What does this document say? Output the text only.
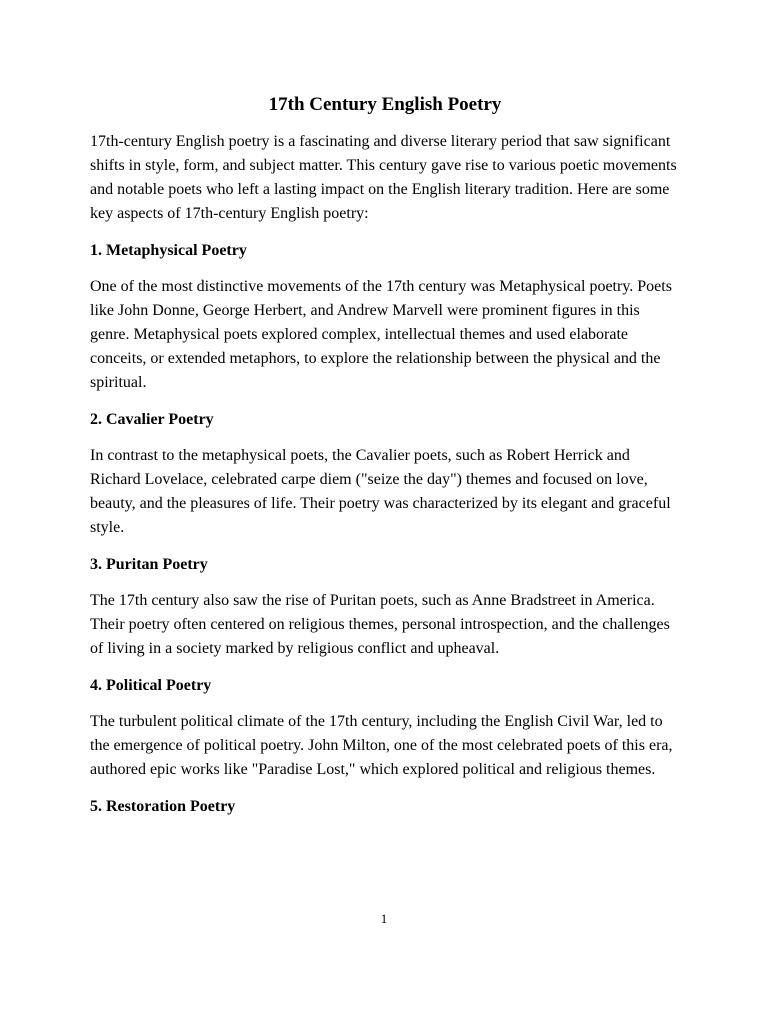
17th Century English Poetry
17th-century English poetry is a fascinating and diverse literary period that saw significant shifts in style, form, and subject matter. This century gave rise to various poetic movements and notable poets who left a lasting impact on the English literary tradition. Here are some key aspects of 17th-century English poetry:
1. Metaphysical Poetry
One of the most distinctive movements of the 17th century was Metaphysical poetry. Poets like John Donne, George Herbert, and Andrew Marvell were prominent figures in this genre. Metaphysical poets explored complex, intellectual themes and used elaborate conceits, or extended metaphors, to explore the relationship between the physical and the spiritual.
2. Cavalier Poetry
In contrast to the metaphysical poets, the Cavalier poets, such as Robert Herrick and Richard Lovelace, celebrated carpe diem ("seize the day") themes and focused on love, beauty, and the pleasures of life. Their poetry was characterized by its elegant and graceful style.
3. Puritan Poetry
The 17th century also saw the rise of Puritan poets, such as Anne Bradstreet in America. Their poetry often centered on religious themes, personal introspection, and the challenges of living in a society marked by religious conflict and upheaval.
4. Political Poetry
The turbulent political climate of the 17th century, including the English Civil War, led to the emergence of political poetry. John Milton, one of the most celebrated poets of this era, authored epic works like "Paradise Lost," which explored political and religious themes.
5. Restoration Poetry
1
